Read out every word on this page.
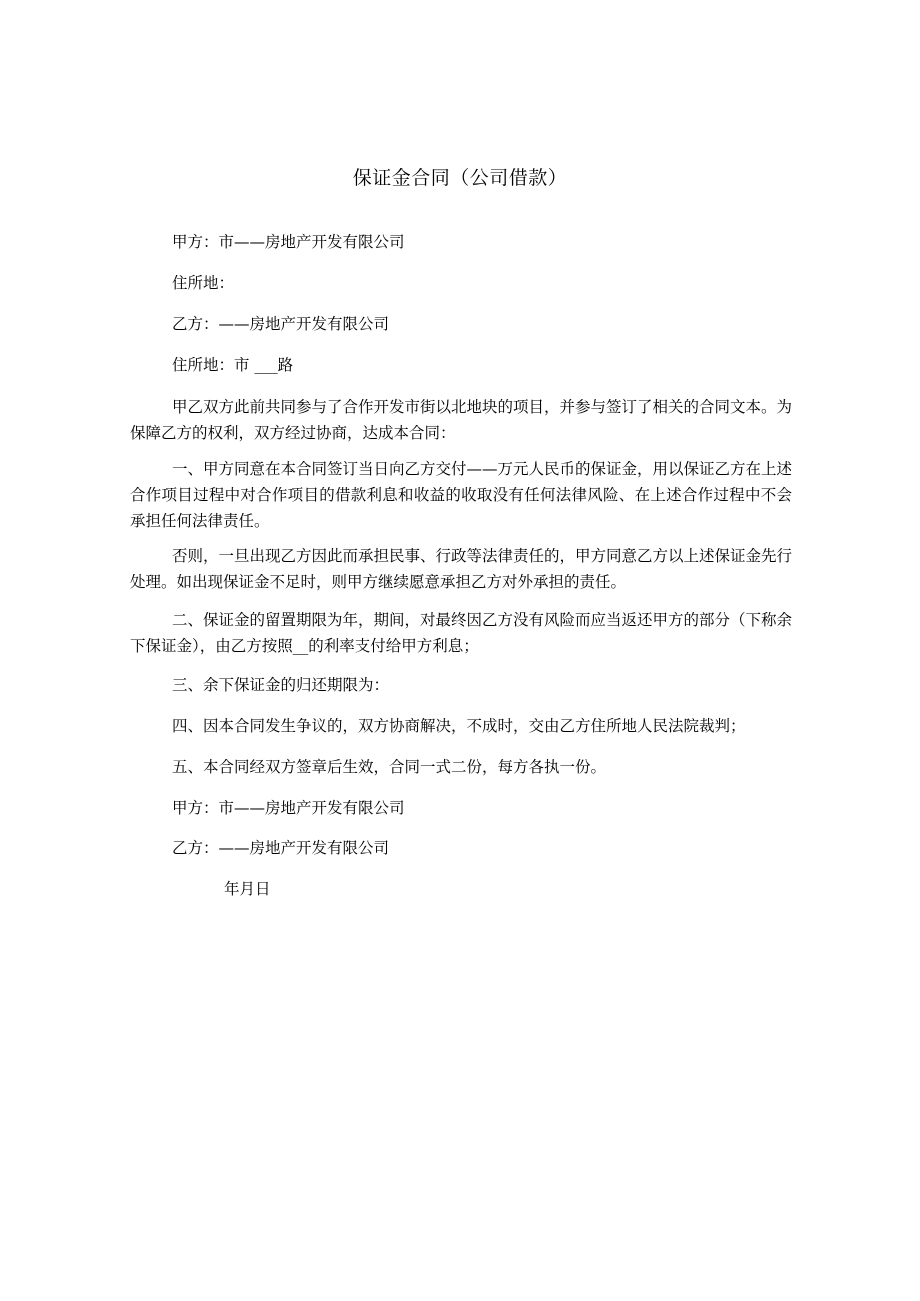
保证金合同（公司借款）
甲方：市——房地产开发有限公司
住所地：
乙方：——房地产开发有限公司
住所地：市 ___路
甲乙双方此前共同参与了合作开发市街以北地块的项目，并参与签订了相关的合同文本。为保障乙方的权利，双方经过协商，达成本合同：
一、甲方同意在本合同签订当日向乙方交付——万元人民币的保证金，用以保证乙方在上述合作项目过程中对合作项目的借款利息和收益的收取没有任何法律风险、在上述合作过程中不会承担任何法律责任。
否则，一旦出现乙方因此而承担民事、行政等法律责任的，甲方同意乙方以上述保证金先行处理。如出现保证金不足时，则甲方继续愿意承担乙方对外承担的责任。
二、保证金的留置期限为年，期间，对最终因乙方没有风险而应当返还甲方的部分（下称余下保证金），由乙方按照__的利率支付给甲方利息；
三、余下保证金的归还期限为：
四、因本合同发生争议的，双方协商解决，不成时，交由乙方住所地人民法院裁判；
五、本合同经双方签章后生效，合同一式二份，每方各执一份。
甲方：市——房地产开发有限公司
乙方：——房地产开发有限公司
年月日
